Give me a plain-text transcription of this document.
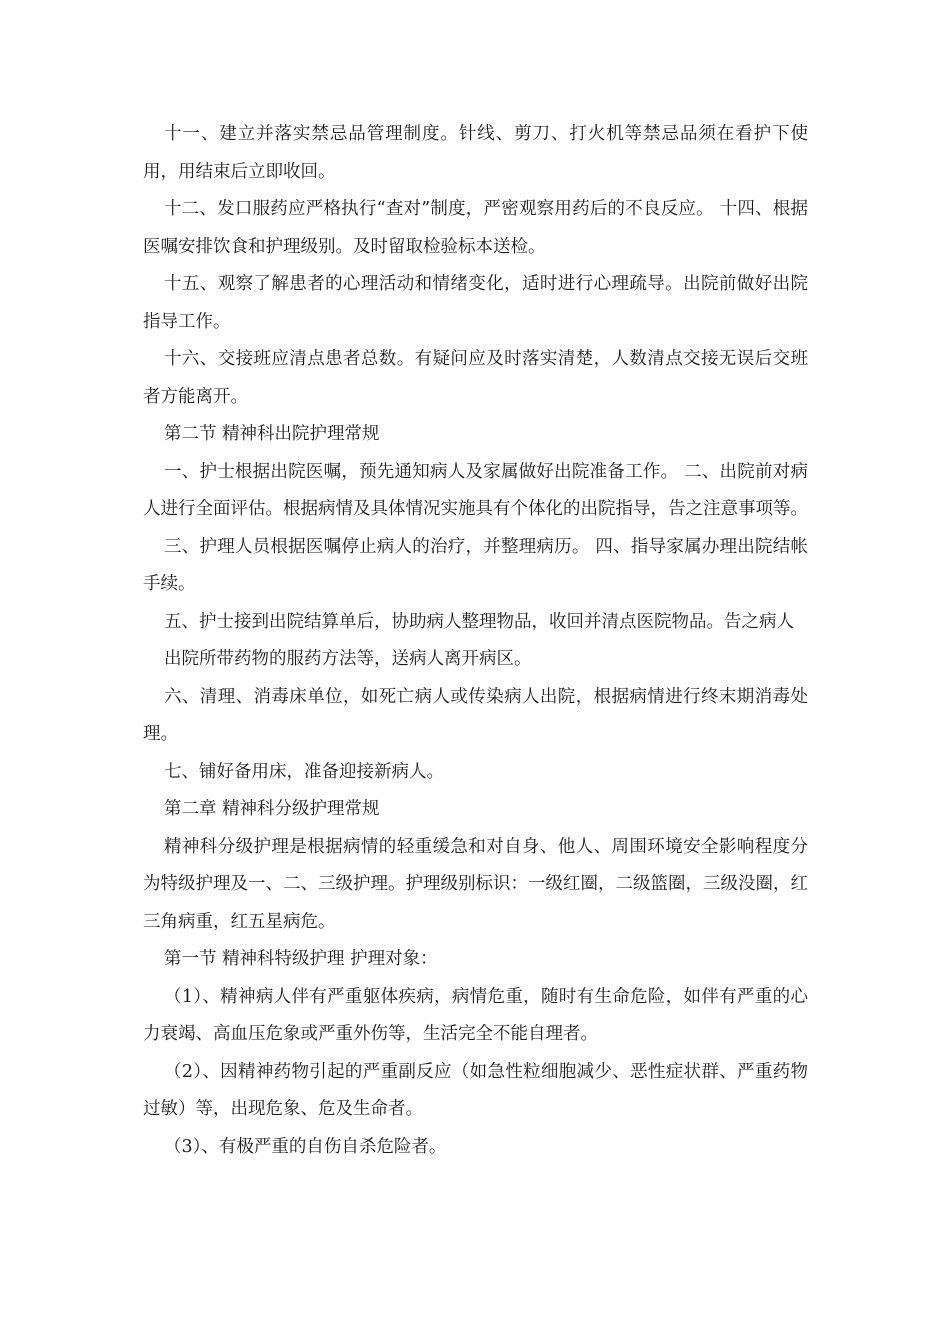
十一、建立并落实禁忌品管理制度。针线、剪刀、打火机等禁忌品须在看护下使用，用结束后立即收回。

十二、发口服药应严格执行“查对”制度，严密观察用药后的不良反应。 十四、根据医嘱安排饮食和护理级别。及时留取检验标本送检。

十五、观察了解患者的心理活动和情绪变化，适时进行心理疏导。出院前做好出院指导工作。

十六、交接班应清点患者总数。有疑问应及时落实清楚，人数清点交接无误后交班者方能离开。

第二节 精神科出院护理常规

一、护士根据出院医嘱，预先通知病人及家属做好出院准备工作。 二、出院前对病人进行全面评估。根据病情及具体情况实施具有个体化的出院指导，告之注意事项等。

三、护理人员根据医嘱停止病人的治疗，并整理病历。 四、指导家属办理出院结帐手续。

五、护士接到出院结算单后，协助病人整理物品，收回并清点医院物品。告之病人

出院所带药物的服药方法等，送病人离开病区。

六、清理、消毒床单位，如死亡病人或传染病人出院，根据病情进行终末期消毒处理。

七、铺好备用床，准备迎接新病人。

第二章 精神科分级护理常规

精神科分级护理是根据病情的轻重缓急和对自身、他人、周围环境安全影响程度分为特级护理及一、二、三级护理。护理级别标识：一级红圈，二级篮圈，三级没圈，红三角病重，红五星病危。

第一节 精神科特级护理 护理对象：

（1）、精神病人伴有严重躯体疾病，病情危重，随时有生命危险，如伴有严重的心力衰竭、高血压危象或严重外伤等，生活完全不能自理者。

（2）、因精神药物引起的严重副反应（如急性粒细胞减少、恶性症状群、严重药物过敏）等，出现危象、危及生命者。

（3）、有极严重的自伤自杀危险者。
